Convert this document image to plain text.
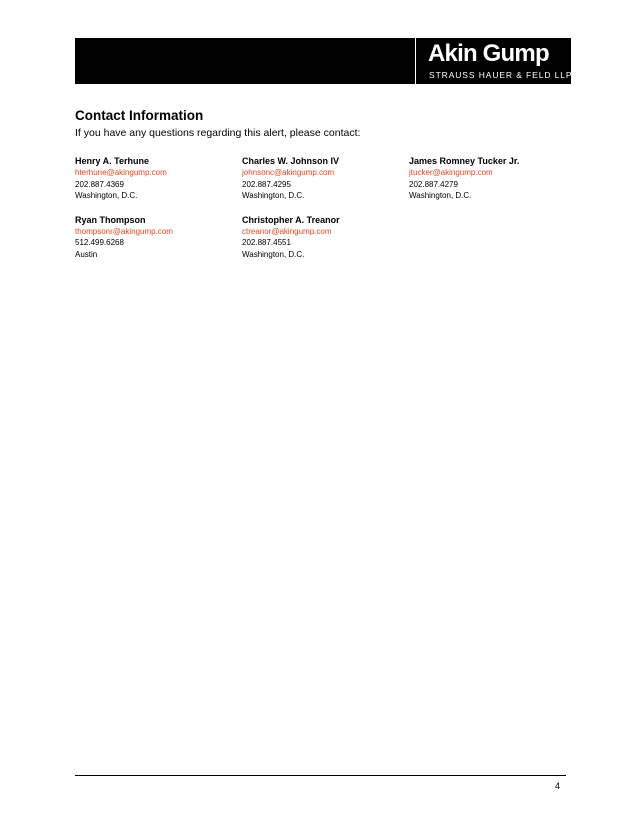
Akin Gump
STRAUSS HAUER & FELD LLP
Contact Information

If you have any questions regarding this alert, please contact:

Henry A. Terhune
hterhune@akingump.com
202.887.4369
Washington, D.C.
Charles W. Johnson IV
johnsonc@akingump.com
202.887.4295
Washington, D.C.
James Romney Tucker Jr.
jtucker@akingump.com
202.887.4279
Washington, D.C.
Ryan Thompson
thompsonr@akingump.com
512.499.6268
Austin
Christopher A. Treanor
ctreanor@akingump.com
202.887.4551
Washington, D.C.
4
